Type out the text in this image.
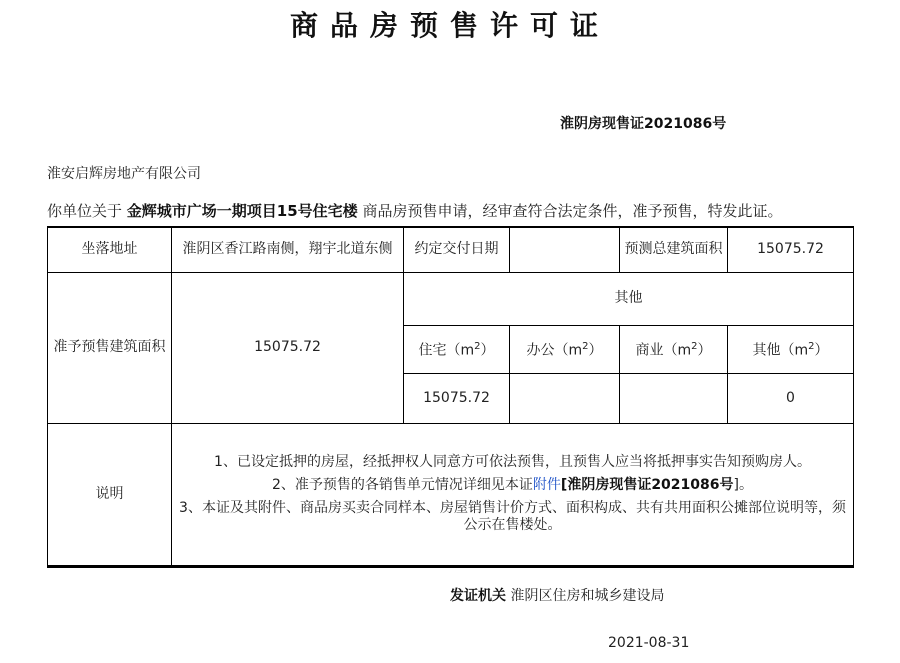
商品房预售许可证
淮阴房现售证2021086号
淮安启辉房地产有限公司
你单位关于 金辉城市广场一期项目15号住宅楼 商品房预售申请，经审查符合法定条件，准予预售，特发此证。
坐落地址	淮阴区香江路南侧，翔宇北道东侧	约定交付日期		预测总建筑面积	15075.72
准予预售建筑面积	15075.72	其他			
		住宅$(m^2)$	办公$(m^2)$	商业$(m^2)$	其他$(m^2)$
		15075.72			0
说明	1、已设定抵押的房屋，经抵押权人同意方可依法预售，且预售人应当将抵押事实告知预购房人。
2、准予预售的各销售单元情况详细见本证附件[淮阴房现售证2021086号]。
3、本证及其附件、商品房买卖合同样本、房屋销售计价方式、面积构成、共有共用面积公摊部位说明等，须公示在售楼处。				
发证机关 淮阴区住房和城乡建设局
2021-08-31
